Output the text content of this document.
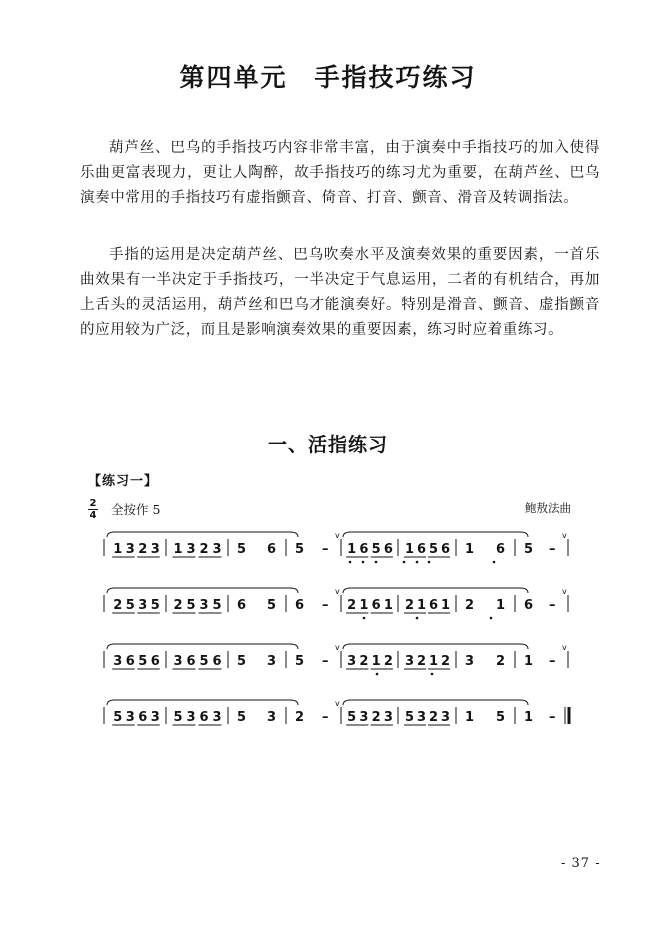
第四单元　手指技巧练习
葫芦丝、巴乌的手指技巧内容非常丰富，由于演奏中手指技巧的加入使得乐曲更富表现力，更让人陶醉，故手指技巧的练习尤为重要，在葫芦丝、巴乌演奏中常用的手指技巧有虚指颤音、倚音、打音、颤音、滑音及转调指法。
手指的运用是决定葫芦丝、巴乌吹奏水平及演奏效果的重要因素，一首乐曲效果有一半决定于手指技巧，一半决定于气息运用，二者的有机结合，再加上舌头的灵活运用，葫芦丝和巴乌才能演奏好。特别是滑音、颤音、虚指颤音的应用较为广泛，而且是影响演奏效果的重要因素，练习时应着重练习。
一、活指练习
【练习一】
2
4 全按作 5	鲍敖法曲
1 3 2 3 1 3 2 3 5 6 5 – 1 6 5 6 1 6 5 6 1 6 5 –
v	v
2 5 3 5 2 5 3 5 6 5 6 – 2 1 6 1 2 1 6 1 2 1 6 –
v	v
3 6 5 6 3 6 5 6 5 3 5 – 3 2 1 2 3 2 1 2 3 2 1 –
v	v
5 3 6 3 5 3 6 3 5 3 2 – 5 3 2 3 5 3 2 3 1 5 1 –
v
- 37 -
